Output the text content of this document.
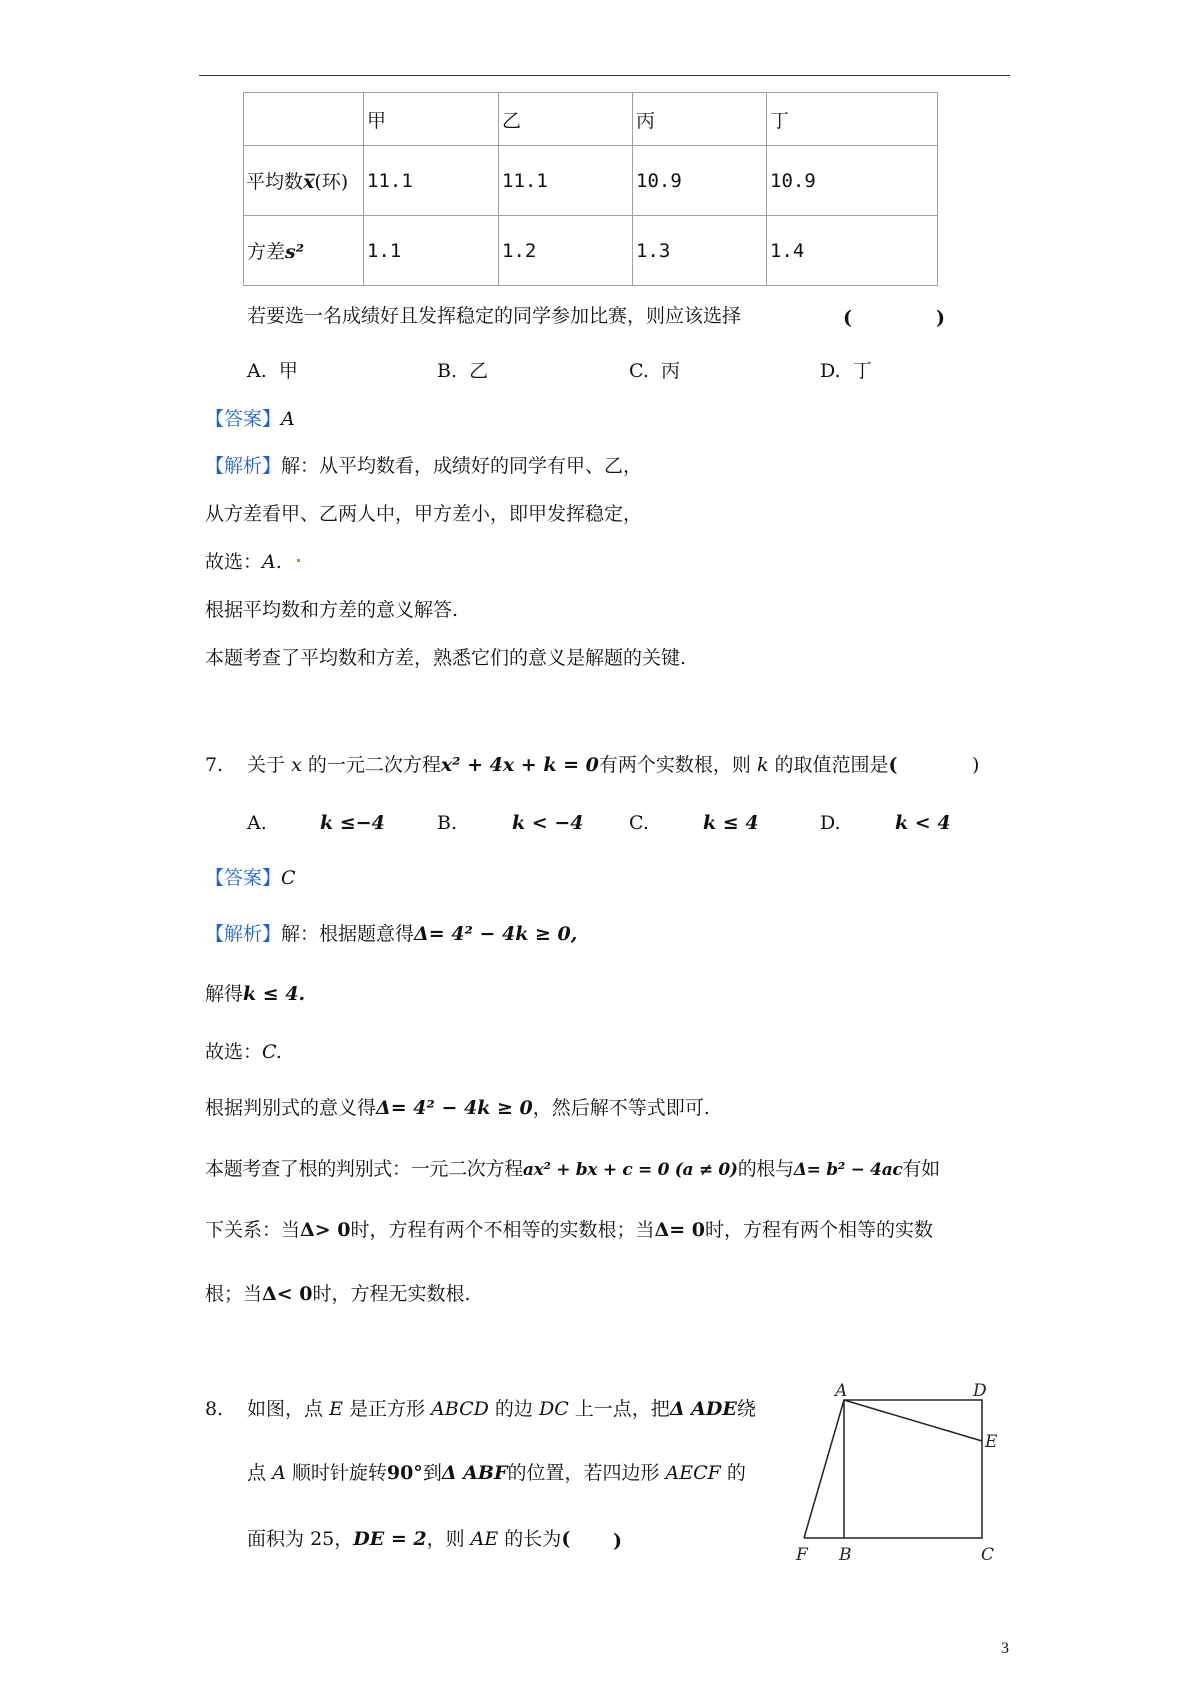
	甲	乙	丙	丁
平均数x̅(环)	11.1	11.1	10.9	10.9
方差s²	1.1	1.2	1.3	1.4
若要选一名成绩好且发挥稳定的同学参加比赛，则应该选择	(	)
A. 甲	B. 乙	C. 丙	D. 丁
【答案】A
【解析】解：从平均数看，成绩好的同学有甲、乙，
从方差看甲、乙两人中，甲方差小，即甲发挥稳定，
故选：A.
根据平均数和方差的意义解答.
本题考查了平均数和方差，熟悉它们的意义是解题的关键.
7. 关于 x 的一元二次方程x² + 4x + k = 0有两个实数根，则 k 的取值范围是(	)
A.	k ≤−4	B.	k < −4 C.	k ≤ 4	D.	k < 4
【答案】C
【解析】解：根据题意得Δ= 4² − 4k ≥ 0,
解得k ≤ 4.
故选：C.
根据判别式的意义得Δ= 4² − 4k ≥ 0，然后解不等式即可.
本题考查了根的判别式：一元二次方程ax² + bx + c = 0 (a ≠ 0)的根与Δ= b² − 4ac有如
下关系：当Δ> 0时，方程有两个不相等的实数根；当Δ= 0时，方程有两个相等的实数
根；当Δ< 0时，方程无实数根.
8. 如图，点 E 是正方形 ABCD 的边 DC 上一点，把Δ ADE绕
点 A 顺时针旋转90°到Δ ABF的位置，若四边形 AECF 的
面积为 25，DE = 2，则 AE 的长为( )
A	D
E
F B	C
3
